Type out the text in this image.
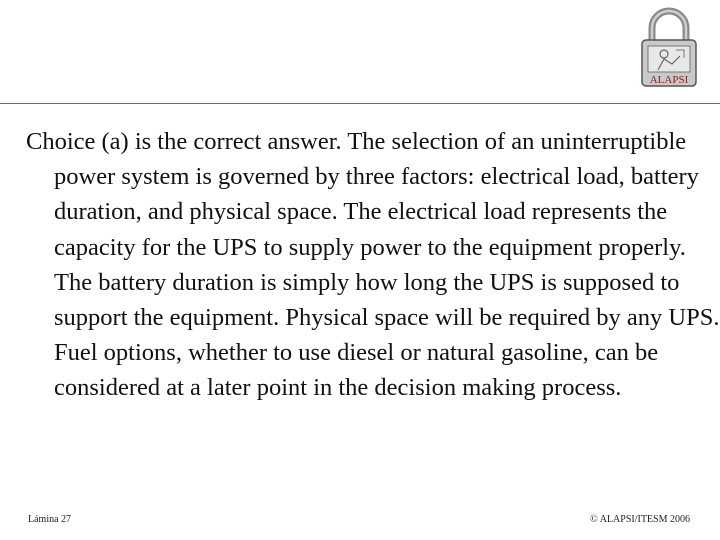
ALAPSI

Choice (a) is the correct answer. The selection of an uninterruptible power system is governed by three factors: electrical load, battery duration, and physical space. The electrical load represents the capacity for the UPS to supply power to the equipment properly. The battery duration is simply how long the UPS is supposed to support the equipment. Physical space will be required by any UPS. Fuel options, whether to use diesel or natural gasoline, can be considered at a later point in the decision making process.

Lámina 27	© ALAPSI/ITESM 2006
